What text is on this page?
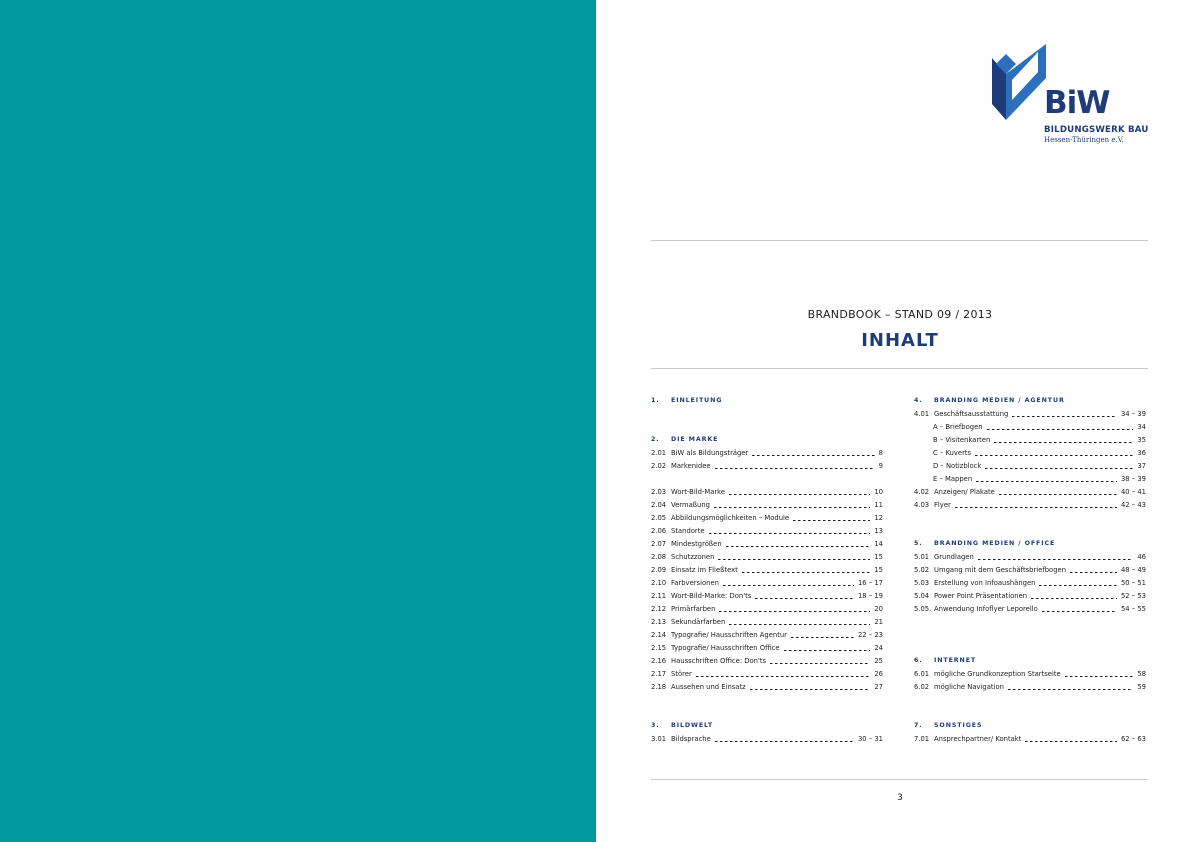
BiW
BILDUNGSWERK BAU
Hessen-Thüringen e.V.
BRANDBOOK – STAND 09 / 2013
INHALT
1.	EINLEITUNG
2.	DIE MARKE
2.01 BiW als Bildungsträger	8
2.02 Markenidee	9
2.03 Wort-Bild-Marke	10
2.04 Vermaßung	11
2.05 Abbildungsmöglichkeiten – Module	12
2.06 Standorte	13
2.07 Mindestgrößen	14
2.08 Schutzzonen	15
2.09 Einsatz im Fließtext	15
2.10 Farbversionen	16 – 17
2.11 Wort-Bild-Marke: Don'ts	18 – 19
2.12 Primärfarben	20
2.13 Sekundärfarben	21
2.14 Typografie/ Hausschriften Agentur	22 – 23
2.15 Typografie/ Hausschriften Office	24
2.16 Hausschriften Office: Don'ts	25
2.17 Störer	26
2.18 Aussehen und Einsatz	27
3.	BILDWELT
3.01 Bildsprache	30 – 31
4.	BRANDING MEDIEN / AGENTUR
4.01 Geschäftsausstattung	34 – 39
A – Briefbogen	34
B – Visitenkarten	35
C – Kuverts	36
D – Notizblock	37
E – Mappen	38 – 39
4.02 Anzeigen/ Plakate	40 – 41
4.03 Flyer	42 – 43
5.	BRANDING MEDIEN / OFFICE
5.01 Grundlagen	46
5.02 Umgang mit dem Geschäftsbriefbogen	48 – 49
5.03 Erstellung von Infoaushängen	50 – 51
5.04 Power Point Präsentationen	52 – 53
5.05. Anwendung Infoflyer Leporello	54 – 55
6.	INTERNET
6.01 mögliche Grundkonzeption Startseite	58
6.02 mögliche Navigation	59
7.	SONSTIGES
7.01 Ansprechpartner/ Kontakt	62 – 63
3
